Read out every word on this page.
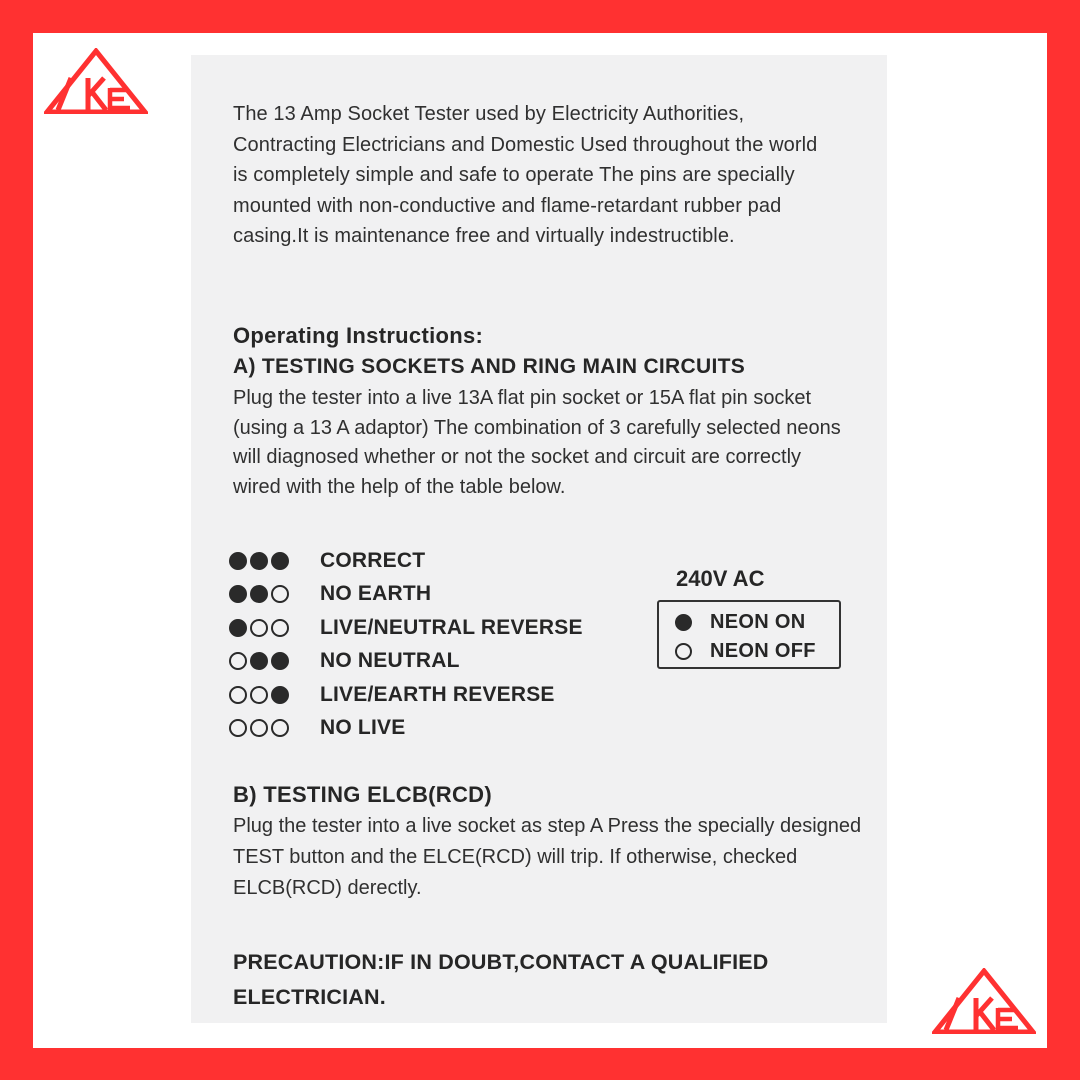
The 13 Amp Socket Tester used by Electricity Authorities, Contracting Electricians and Domestic Used throughout the world is completely simple and safe to operate The pins are specially mounted with non-conductive and flame-retardant rubber pad casing.It is maintenance free and virtually indestructible.

Operating Instructions:
A) TESTING SOCKETS AND RING MAIN CIRCUITS

Plug the tester into a live 13A flat pin socket or 15A flat pin socket (using a 13 A adaptor) The combination of 3 carefully selected neons will diagnosed whether or not the socket and circuit are correctly wired with the help of the table below.

CORRECT
NO EARTH
LIVE/NEUTRAL REVERSE
NO NEUTRAL
LIVE/EARTH REVERSE
NO LIVE
240V AC
NEON ON
NEON OFF
B) TESTING ELCB(RCD)

Plug the tester into a live socket as step A Press the specially designed TEST button and the ELCE(RCD) will trip. If otherwise, checked ELCB(RCD) derectly.

PRECAUTION:IF IN DOUBT,CONTACT A QUALIFIED ELECTRICIAN.
